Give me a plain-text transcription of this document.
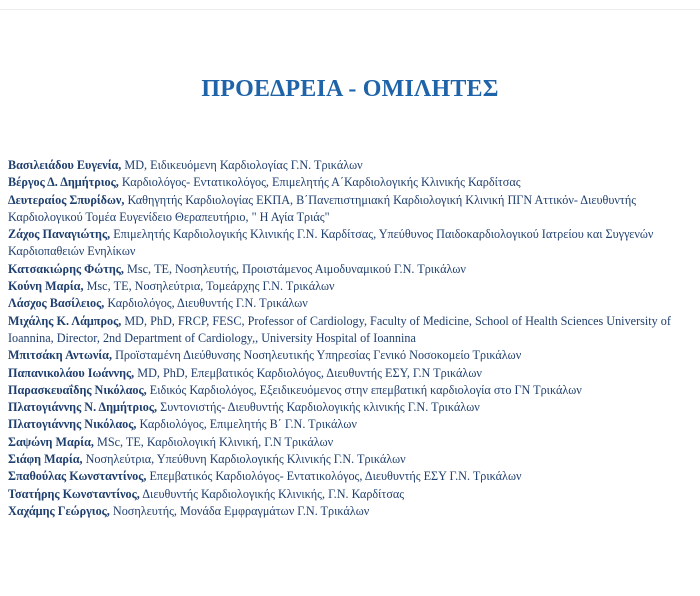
ΠΡΟΕΔΡΕΙΑ - ΟΜΙΛΗΤΕΣ
Βασιλειάδου Ευγενία, MD, Ειδικευόμενη Καρδιολογίας Γ.Ν. Τρικάλων
Βέργος Δ. Δημήτριος, Καρδιολόγος- Εντατικολόγος, Επιμελητής Α΄Καρδιολογικής Κλινικής Καρδίτσας
Δευτεραίος Σπυρίδων, Καθηγητής Καρδιολογίας ΕΚΠΑ, Β΄Πανεπιστημιακή Καρδιολογική Κλινική ΠΓΝ Αττικόν- Διευθυντής Καρδιολογικού Τομέα Ευγενίδειο Θεραπευτήριο, " Η Αγία Τριάς"
Ζάχος Παναγιώτης, Επιμελητής Καρδιολογικής Κλινικής Γ.Ν. Καρδίτσας, Υπεύθυνος Παιδοκαρδιολογικού Ιατρείου και Συγγενών Καρδιοπαθειών Ενηλίκων
Κατσακιώρης Φώτης, Msc, ΤΕ, Νοσηλευτής, Προιστάμενος Αιμοδυναμικού Γ.Ν. Τρικάλων
Κούνη Μαρία, Msc, ΤΕ, Νοσηλεύτρια, Τομεάρχης Γ.Ν. Τρικάλων
Λάσχος Βασίλειος, Καρδιολόγος, Διευθυντής Γ.Ν. Τρικάλων
Μιχάλης Κ. Λάμπρος, MD, PhD, FRCP, FESC, Professor of Cardiology, Faculty of Medicine, School of Health Sciences University of Ioannina, Director, 2nd Department of Cardiology,, University Hospital of Ioannina
Μπιτσάκη Αντωνία, Προϊσταμένη Διεύθυνσης Νοσηλευτικής Υπηρεσίας Γενικό Νοσοκομείο Τρικάλων
Παπανικολάου Ιωάννης, MD, PhD, Επεμβατικός Καρδιολόγος, Διευθυντής ΕΣΥ, Γ.Ν Τρικάλων
Παρασκευαΐδης Νικόλαος, Ειδικός Καρδιολόγος, Εξειδικευόμενος στην επεμβατική καρδιολογία στο ΓΝ Τρικάλων
Πλατογιάννης Ν. Δημήτριος, Συντονιστής- Διευθυντής Καρδιολογικής κλινικής Γ.Ν. Τρικάλων
Πλατογιάννης Νικόλαος, Καρδιολόγος, Επιμελητής Β΄ Γ.Ν. Τρικάλων
Σαψώνη Μαρία, MSc, TE, Καρδιολογική Κλινική, Γ.Ν Τρικάλων
Σιάφη Μαρία, Νοσηλεύτρια, Υπεύθυνη Καρδιολογικής Κλινικής Γ.Ν. Τρικάλων
Σπαθούλας Κωνσταντίνος, Επεμβατικός Καρδιολόγος- Εντατικολόγος, Διευθυντής ΕΣΥ Γ.Ν. Τρικάλων
Τσατήρης Κωνσταντίνος, Διευθυντής Καρδιολογικής Κλινικής, Γ.Ν. Καρδίτσας
Χαχάμης Γεώργιος, Νοσηλευτής, Μονάδα Εμφραγμάτων Γ.Ν. Τρικάλων
